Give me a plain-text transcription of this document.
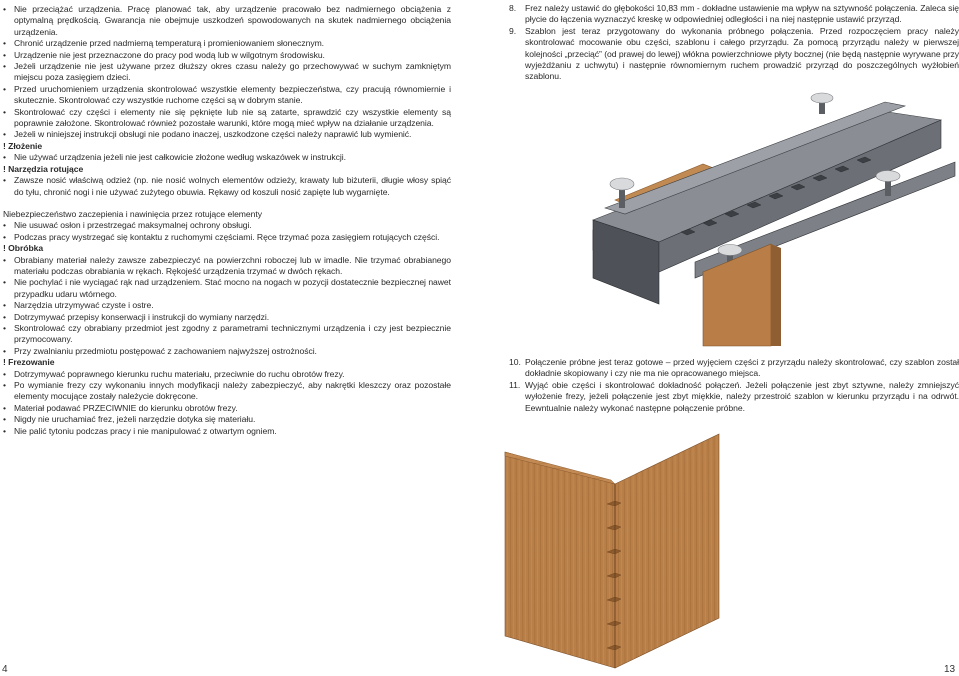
• Nie przeciążać urządzenia. Pracę planować tak, aby urządzenie pracowało bez nadmiernego obciążenia z optymalną prędkością. Gwarancja nie obejmuje uszkodzeń spowodowanych na skutek nadmiernego obciążenia urządzenia.
• Chronić urządzenie przed nadmierną temperaturą i promieniowaniem słonecznym.
• Urządzenie nie jest przeznaczone do pracy pod wodą lub w wilgotnym środowisku.
• Jeżeli urządzenie nie jest używane przez dłuższy okres czasu należy go przechowywać w suchym zamkniętym miejscu poza zasięgiem dzieci.
• Przed uruchomieniem urządzenia skontrolować wszystkie elementy bezpieczeństwa, czy pracują równomiernie i skutecznie. Skontrolować czy wszystkie ruchome części są w dobrym stanie.
• Skontrolować czy części i elementy nie się pęknięte lub nie są zatarte, sprawdzić czy wszystkie elementy są poprawnie założone. Skontrolować również pozostałe warunki, które mogą mieć wpływ na działanie urządzenia.
• Jeżeli w niniejszej instrukcji obsługi nie podano inaczej, uszkodzone części należy naprawić lub wymienić.
! Złożenie
• Nie używać urządzenia jeżeli nie jest całkowicie złożone według wskazówek w instrukcji.
! Narzędzia rotujące
• Zawsze nosić właściwą odzież (np. nie nosić wolnych elementów odzieży, krawaty lub biżuterii, długie włosy spiąć do tyłu, chronić nogi i nie używać zużytego obuwia. Rękawy od koszuli nosić zapięte lub wygarnięte.

Niebezpieczeństwo zaczepienia i nawinięcia przez rotujące elementy

• Nie usuwać osłon i przestrzegać maksymalnej ochrony obsługi.
• Podczas pracy wystrzegać się kontaktu z ruchomymi częściami. Ręce trzymać poza zasięgiem rotujących części.
! Obróbka
• Obrabiany materiał należy zawsze zabezpieczyć na powierzchni roboczej lub w imadle. Nie trzymać obrabianego materiału podczas obrabiania w rękach. Rękojeść urządzenia trzymać w dwóch rękach.
• Nie pochylać i nie wyciągać rąk nad urządzeniem. Stać mocno na nogach w pozycji dostatecznie bezpiecznej nawet przypadku udaru wtórnego.
• Narzędzia utrzymywać czyste i ostre.
• Dotrzymywać przepisy konserwacji i instrukcji do wymiany narzędzi.
• Skontrolować czy obrabiany przedmiot jest zgodny z parametrami technicznymi urządzenia i czy jest bezpiecznie przymocowany.
• Przy zwalnianiu przedmiotu postępować z zachowaniem najwyższej ostrożności.
! Frezowanie
• Dotrzymywać poprawnego kierunku ruchu materiału, przeciwnie do ruchu obrotów frezy.
• Po wymianie frezy czy wykonaniu innych modyfikacji należy zabezpieczyć, aby nakrętki kleszczy oraz pozostałe elementy mocujące zostały należycie dokręcone.
• Materiał podawać PRZECIWNIE do kierunku obrotów frezy.
• Nigdy nie uruchamiać frez, jeżeli narzędzie dotyka się materiału.
• Nie palić tytoniu podczas pracy i nie manipulować z otwartym ogniem.
8. Frez należy ustawić do głębokości 10,83 mm - dokładne ustawienie ma wpływ na sztywność połączenia. Zaleca się płycie do łączenia wyznaczyć kreskę w odpowiedniej odległości i na niej następnie ustawić przyrząd.
9. Szablon jest teraz przygotowany do wykonania próbnego połączenia. Przed rozpoczęciem pracy należy skontrolować mocowanie obu części, szablonu i całego przyrządu. Za pomocą przyrządu należy w pierwszej kolejności „przeciąć” (od prawej do lewej) włókna powierzchniowe płyty bocznej (nie będą następnie wyrywane przy wyjeżdżaniu z uchwytu) i następnie równomiernym ruchem prowadzić przyrząd do poszczególnych wyżłobień szablonu.
10. Połączenie próbne jest teraz gotowe – przed wyjęciem części z przyrządu należy skontrolować, czy szablon został dokładnie skopiowany i czy nie ma nie opracowanego miejsca.
11. Wyjąć obie części i skontrolować dokładność połączeń. Jeżeli połączenie jest zbyt sztywne, należy zmniejszyć wyłożenie frezy, jeżeli połączenie jest zbyt miękkie, należy przestroić szablon w kierunku przyrządu i na odrwót. Eewntualnie należy wykonać następne połączenie próbne.
4	13
